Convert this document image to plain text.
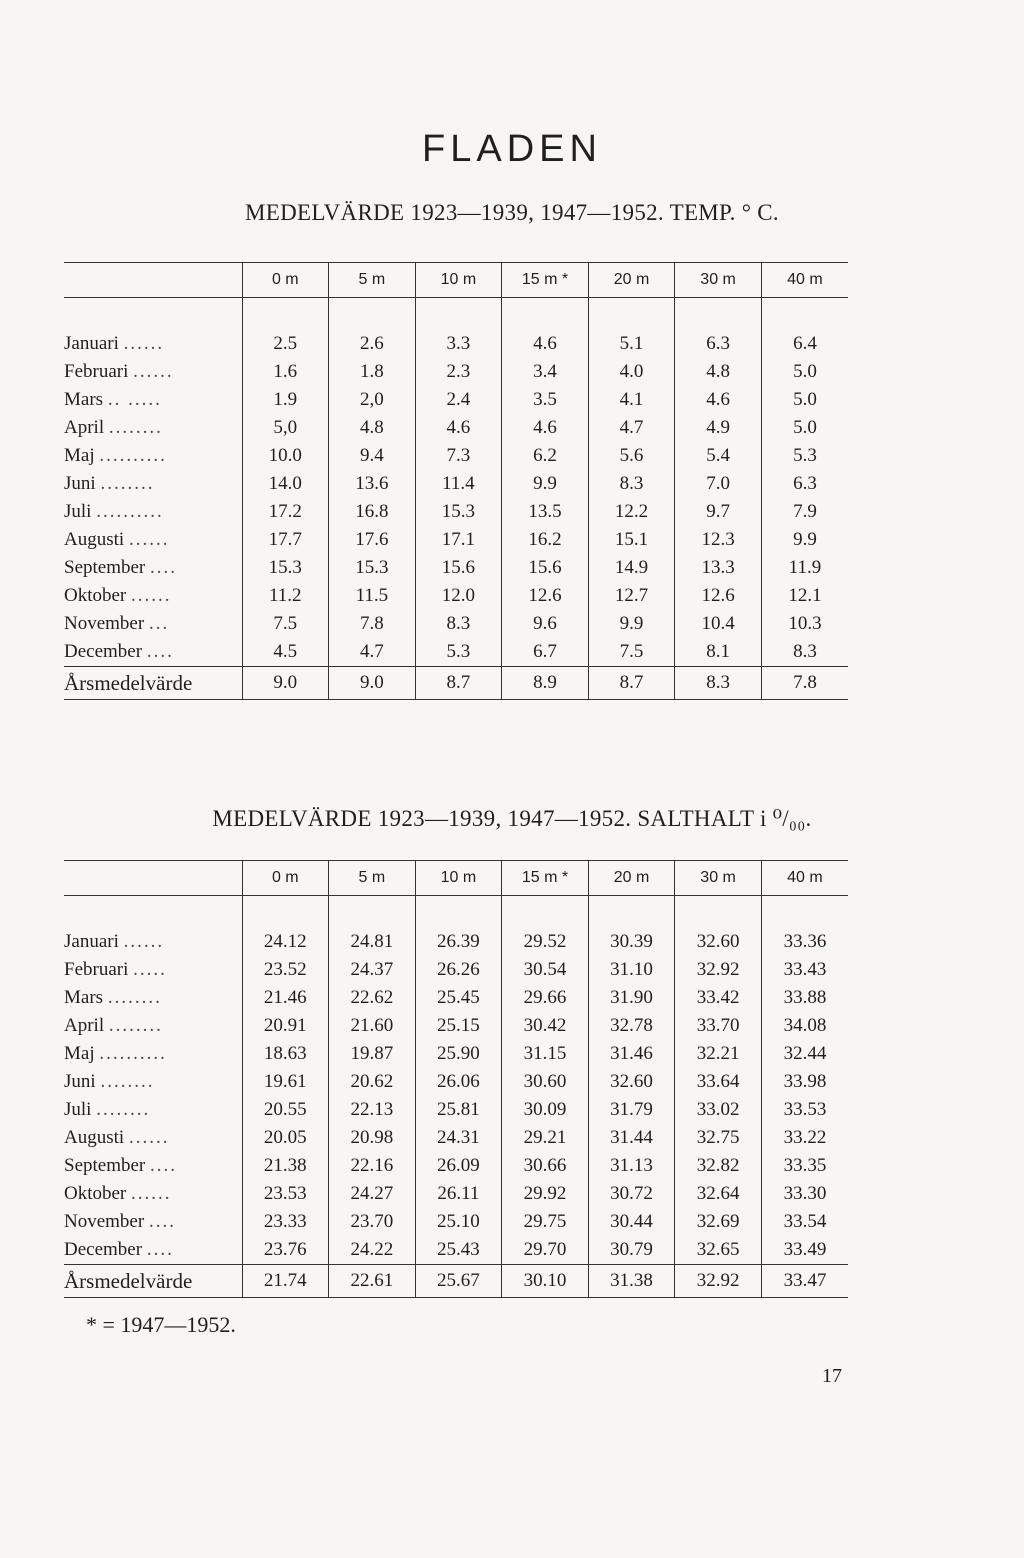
FLADEN
MEDELVÄRDE 1923—1939, 1947—1952. TEMP. ° C.
	0 m	5 m	10 m	15 m *	20 m	30 m	40 m

Januari ......	2.5	2.6	3.3	4.6	5.1	6.3	6.4
Februari ......	1.6	1.8	2.3	3.4	4.0	4.8	5.0
Mars .. .....	1.9	2,0	2.4	3.5	4.1	4.6	5.0
April ........	5,0	4.8	4.6	4.6	4.7	4.9	5.0
Maj ..........	10.0	9.4	7.3	6.2	5.6	5.4	5.3
Juni ........	14.0	13.6	11.4	9.9	8.3	7.0	6.3
Juli ..........	17.2	16.8	15.3	13.5	12.2	9.7	7.9
Augusti ......	17.7	17.6	17.1	16.2	15.1	12.3	9.9
September ....	15.3	15.3	15.6	15.6	14.9	13.3	11.9
Oktober ......	11.2	11.5	12.0	12.6	12.7	12.6	12.1
November ...	7.5	7.8	8.3	9.6	9.9	10.4	10.3
December ....	4.5	4.7	5.3	6.7	7.5	8.1	8.3
Årsmedelvärde	9.0	9.0	8.7	8.9	8.7	8.3	7.8
MEDELVÄRDE 1923—1939, 1947—1952. SALTHALT i ⁰/₀₀.
	0 m	5 m	10 m	15 m *	20 m	30 m	40 m

Januari ......	24.12	24.81	26.39	29.52	30.39	32.60	33.36
Februari .....	23.52	24.37	26.26	30.54	31.10	32.92	33.43
Mars ........	21.46	22.62	25.45	29.66	31.90	33.42	33.88
April ........	20.91	21.60	25.15	30.42	32.78	33.70	34.08
Maj ..........	18.63	19.87	25.90	31.15	31.46	32.21	32.44
Juni ........	19.61	20.62	26.06	30.60	32.60	33.64	33.98
Juli ........	20.55	22.13	25.81	30.09	31.79	33.02	33.53
Augusti ......	20.05	20.98	24.31	29.21	31.44	32.75	33.22
September ....	21.38	22.16	26.09	30.66	31.13	32.82	33.35
Oktober ......	23.53	24.27	26.11	29.92	30.72	32.64	33.30
November ....	23.33	23.70	25.10	29.75	30.44	32.69	33.54
December ....	23.76	24.22	25.43	29.70	30.79	32.65	33.49
Årsmedelvärde	21.74	22.61	25.67	30.10	31.38	32.92	33.47
* = 1947—1952.
17
